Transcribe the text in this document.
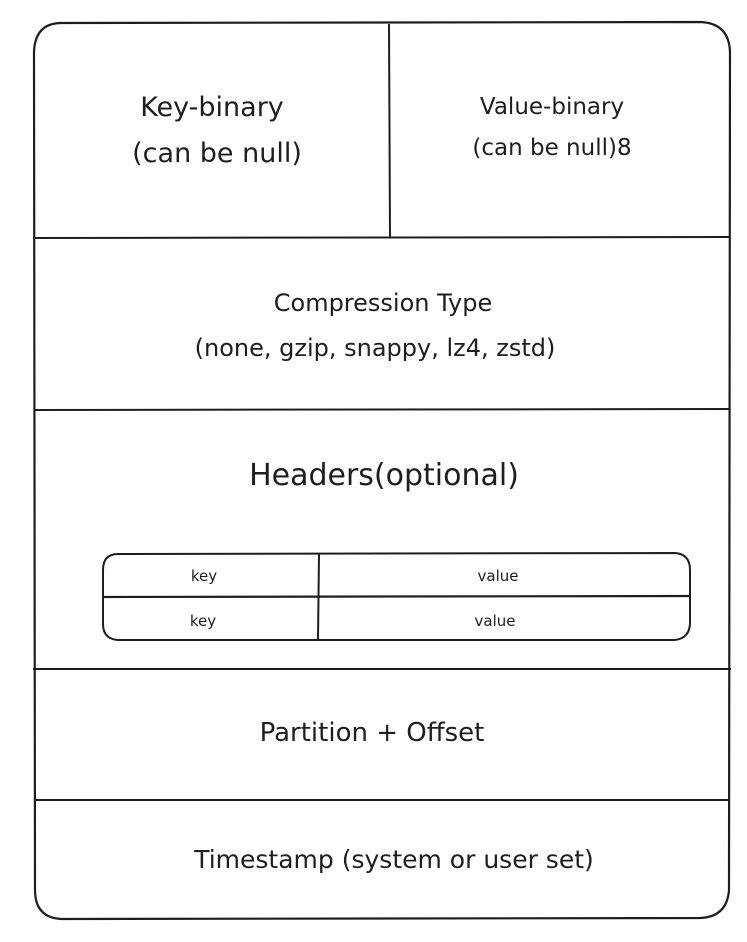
Key-binary
(can be null)
Value-binary
(can be null)8
Compression Type
(none, gzip, snappy, lz4, zstd)
Headers(optional)
key	value
key	value
Partition + Offset
Timestamp (system or user set)
